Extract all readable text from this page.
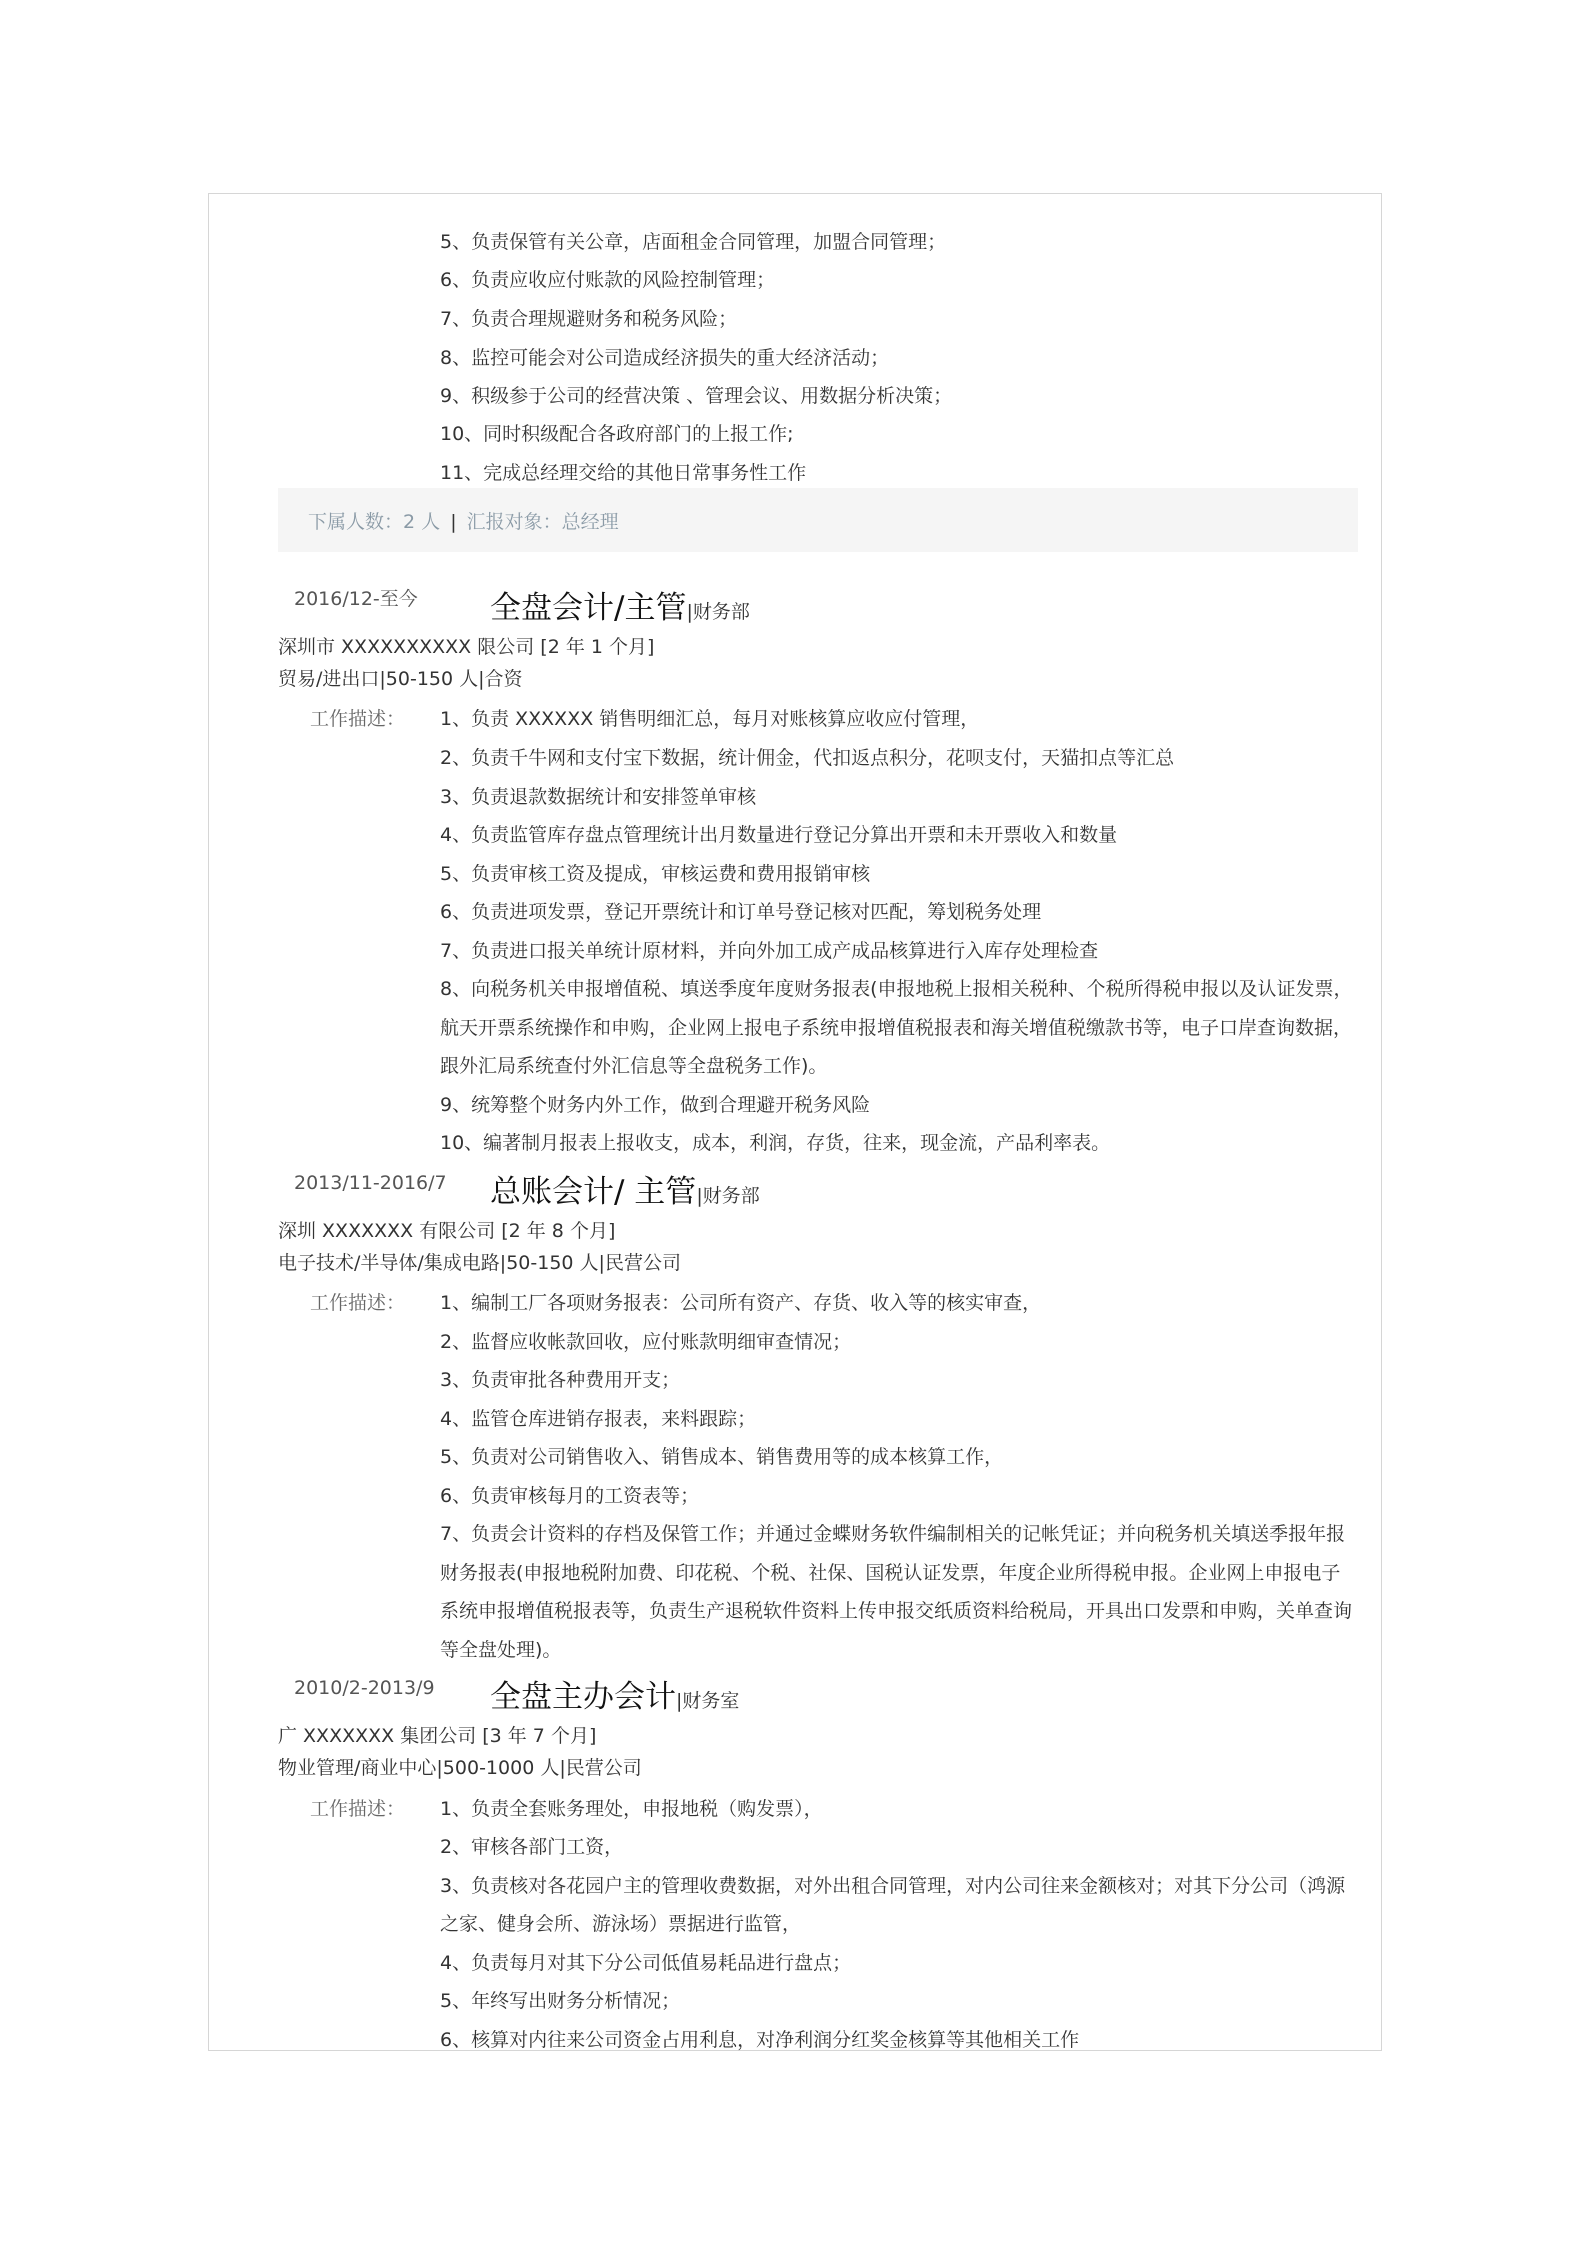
5、负责保管有关公章，店面租金合同管理，加盟合同管理；
6、负责应收应付账款的风险控制管理；
7、负责合理规避财务和税务风险；
8、监控可能会对公司造成经济损失的重大经济活动；
9、积级参于公司的经营决策 、管理会议、用数据分析决策；
10、同时积级配合各政府部门的上报工作;
11、完成总经理交给的其他日常事务性工作
下属人数：2 人 | 汇报对象：总经理
2016/12-至今 全盘会计/主管|财务部
深圳市 XXXXXXXXXX 限公司 [2 年 1 个月]
贸易/进出口|50-150 人|合资
工作描述： 1、负责 XXXXXX 销售明细汇总，每月对账核算应收应付管理，
2、负责千牛网和支付宝下数据，统计佣金，代扣返点积分，花呗支付，天猫扣点等汇总
3、负责退款数据统计和安排签单审核
4、负责监管库存盘点管理统计出月数量进行登记分算出开票和未开票收入和数量
5、负责审核工资及提成，审核运费和费用报销审核
6、负责进项发票，登记开票统计和订单号登记核对匹配，筹划税务处理
7、负责进口报关单统计原材料，并向外加工成产成品核算进行入库存处理检查
8、向税务机关申报增值税、填送季度年度财务报表(申报地税上报相关税种、个税所得税申报以及认证发票，
航天开票系统操作和申购，企业网上报电子系统申报增值税报表和海关增值税缴款书等，电子口岸查询数据，
跟外汇局系统查付外汇信息等全盘税务工作)。
9、统筹整个财务内外工作，做到合理避开税务风险
10、编著制月报表上报收支，成本，利润，存货，往来，现金流，产品利率表。
2013/11-2016/7 总账会计/ 主管|财务部
深圳 XXXXXXX 有限公司 [2 年 8 个月]
电子技术/半导体/集成电路|50-150 人|民营公司
工作描述： 1、编制工厂各项财务报表：公司所有资产、存货、收入等的核实审查，
2、监督应收帐款回收，应付账款明细审查情况；
3、负责审批各种费用开支；
4、监管仓库进销存报表，来料跟踪；
5、负责对公司销售收入、销售成本、销售费用等的成本核算工作，
6、负责审核每月的工资表等；
7、负责会计资料的存档及保管工作；并通过金蝶财务软件编制相关的记帐凭证；并向税务机关填送季报年报
财务报表(申报地税附加费、印花税、个税、社保、国税认证发票，年度企业所得税申报。企业网上申报电子
系统申报增值税报表等，负责生产退税软件资料上传申报交纸质资料给税局，开具出口发票和申购，关单查询
等全盘处理)。
2010/2-2013/9 全盘主办会计|财务室
广 XXXXXXX 集团公司 [3 年 7 个月]
物业管理/商业中心|500-1000 人|民营公司
工作描述： 1、负责全套账务理处，申报地税（购发票），
2、审核各部门工资，
3、负责核对各花园户主的管理收费数据，对外出租合同管理，对内公司往来金额核对；对其下分公司（鸿源
之家、健身会所、游泳场）票据进行监管，
4、负责每月对其下分公司低值易耗品进行盘点；
5、年终写出财务分析情况；
6、核算对内往来公司资金占用利息，对净利润分红奖金核算等其他相关工作
